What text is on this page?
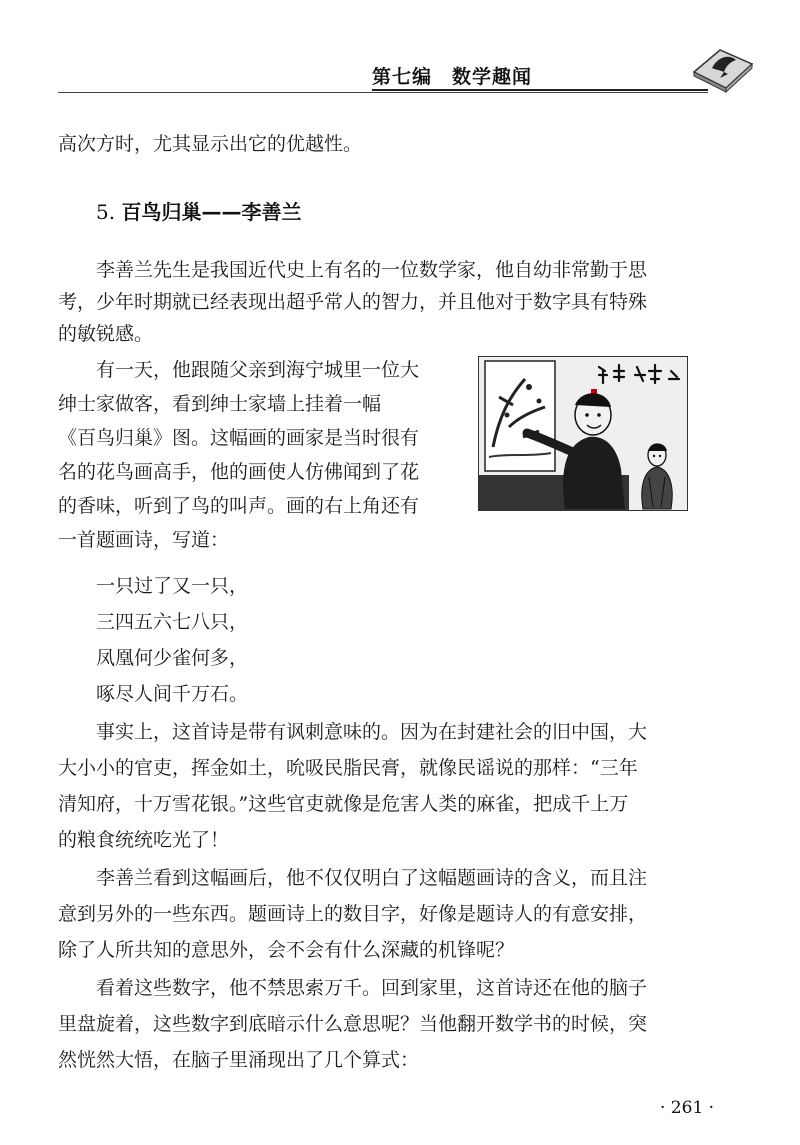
第七编　数学趣闻
高次方时，尤其显示出它的优越性。
5. 百鸟归巢——李善兰
李善兰先生是我国近代史上有名的一位数学家，他自幼非常勤于思
考，少年时期就已经表现出超乎常人的智力，并且他对于数字具有特殊
的敏锐感。
有一天，他跟随父亲到海宁城里一位大
绅士家做客，看到绅士家墙上挂着一幅
《百鸟归巢》图。这幅画的画家是当时很有
名的花鸟画高手，他的画使人仿佛闻到了花
的香味，听到了鸟的叫声。画的右上角还有
一首题画诗，写道：
一只过了又一只，
三四五六七八只，
凤凰何少雀何多，
啄尽人间千万石。
事实上，这首诗是带有讽刺意味的。因为在封建社会的旧中国，大
大小小的官吏，挥金如土，吮吸民脂民膏，就像民谣说的那样：“三年
清知府，十万雪花银。”这些官吏就像是危害人类的麻雀，把成千上万
的粮食统统吃光了！
李善兰看到这幅画后，他不仅仅明白了这幅题画诗的含义，而且注
意到另外的一些东西。题画诗上的数目字，好像是题诗人的有意安排，
除了人所共知的意思外，会不会有什么深藏的机锋呢？
看着这些数字，他不禁思索万千。回到家里，这首诗还在他的脑子
里盘旋着，这些数字到底暗示什么意思呢？当他翻开数学书的时候，突
然恍然大悟，在脑子里涌现出了几个算式：
· 261 ·
